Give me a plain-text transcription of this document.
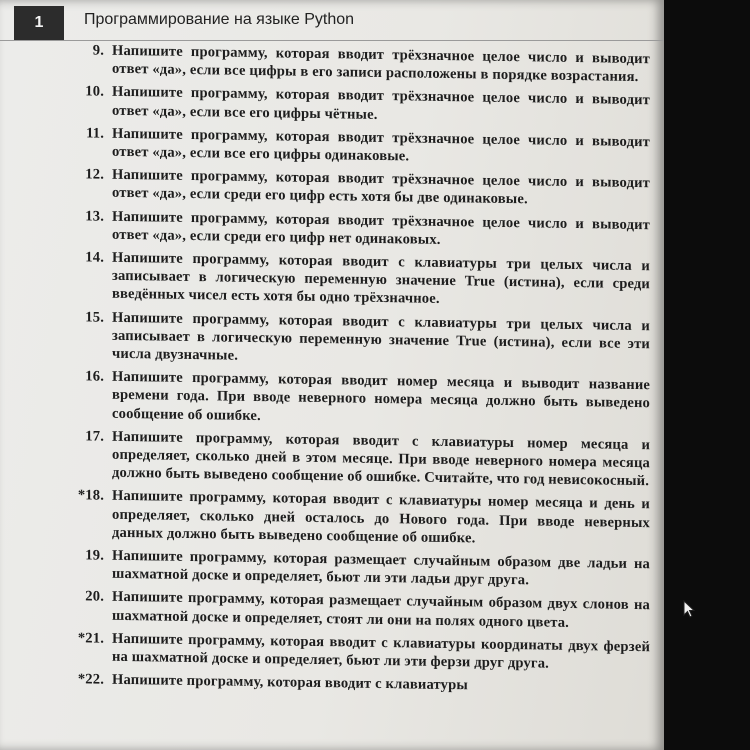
1	Программирование на языке Python
9. Напишите программу, которая вводит трёхзначное целое число и выводит ответ «да», если все цифры в его записи расположены в порядке возрастания.
10. Напишите программу, которая вводит трёхзначное целое число и выводит ответ «да», если все его цифры чётные.
11. Напишите программу, которая вводит трёхзначное целое число и выводит ответ «да», если все его цифры одинаковые.
12. Напишите программу, которая вводит трёхзначное целое число и выводит ответ «да», если среди его цифр есть хотя бы две одинаковые.
13. Напишите программу, которая вводит трёхзначное целое число и выводит ответ «да», если среди его цифр нет одинаковых.
14. Напишите программу, которая вводит с клавиатуры три целых числа и записывает в логическую переменную значение True (истина), если среди введённых чисел есть хотя бы одно трёхзначное.
15. Напишите программу, которая вводит с клавиатуры три целых числа и записывает в логическую переменную значение True (истина), если все эти числа двузначные.
16. Напишите программу, которая вводит номер месяца и выводит название времени года. При вводе неверного номера месяца должно быть выведено сообщение об ошибке.
17. Напишите программу, которая вводит с клавиатуры номер месяца и определяет, сколько дней в этом месяце. При вводе неверного номера месяца должно быть выведено сообщение об ошибке. Считайте, что год невисокосный.
*18. Напишите программу, которая вводит с клавиатуры номер месяца и день и определяет, сколько дней осталось до Нового года. При вводе неверных данных должно быть выведено сообщение об ошибке.
19. Напишите программу, которая размещает случайным образом две ладьи на шахматной доске и определяет, бьют ли эти ладьи друг друга.
20. Напишите программу, которая размещает случайным образом двух слонов на шахматной доске и определяет, стоят ли они на полях одного цвета.
*21. Напишите программу, которая вводит с клавиатуры координаты двух ферзей на шахматной доске и определяет, бьют ли эти ферзи друг друга.
*22. Напишите программу, которая вводит с клавиатуры
